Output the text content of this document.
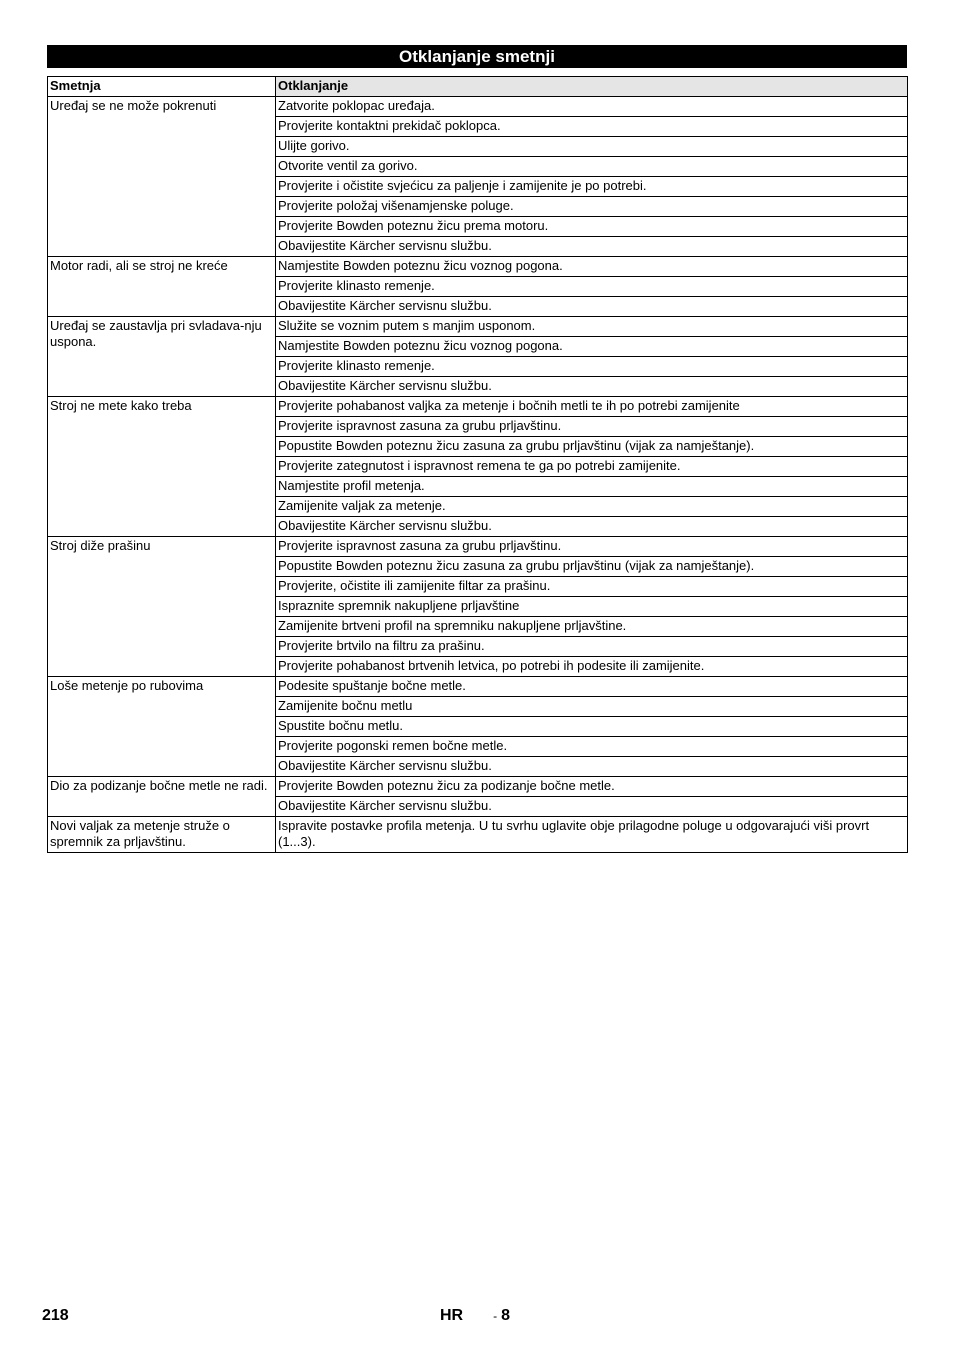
Otklanjanje smetnji
Smetnja	Otklanjanje
Uređaj se ne može pokrenuti	Zatvorite poklopac uređaja.
	Provjerite kontaktni prekidač poklopca.
	Ulijte gorivo.
	Otvorite ventil za gorivo.
	Provjerite i očistite svjećicu za paljenje i zamijenite je po potrebi.
	Provjerite položaj višenamjenske poluge.
	Provjerite Bowden poteznu žicu prema motoru.
	Obavijestite Kärcher servisnu službu.
Motor radi, ali se stroj ne kreće	Namjestite Bowden poteznu žicu voznog pogona.
	Provjerite klinasto remenje.
	Obavijestite Kärcher servisnu službu.
Uređaj se zaustavlja pri svladava-nju uspona.	Služite se voznim putem s manjim usponom.
	Namjestite Bowden poteznu žicu voznog pogona.
	Provjerite klinasto remenje.
	Obavijestite Kärcher servisnu službu.
Stroj ne mete kako treba	Provjerite pohabanost valjka za metenje i bočnih metli te ih po potrebi zamijenite
	Provjerite ispravnost zasuna za grubu prljavštinu.
	Popustite Bowden poteznu žicu zasuna za grubu prljavštinu (vijak za namještanje).
	Provjerite zategnutost i ispravnost remena te ga po potrebi zamijenite.
	Namjestite profil metenja.
	Zamijenite valjak za metenje.
	Obavijestite Kärcher servisnu službu.
Stroj diže prašinu	Provjerite ispravnost zasuna za grubu prljavštinu.
	Popustite Bowden poteznu žicu zasuna za grubu prljavštinu (vijak za namještanje).
	Provjerite, očistite ili zamijenite filtar za prašinu.
	Ispraznite spremnik nakupljene prljavštine
	Zamijenite brtveni profil na spremniku nakupljene prljavštine.
	Provjerite brtvilo na filtru za prašinu.
	Provjerite pohabanost brtvenih letvica, po potrebi ih podesite ili zamijenite.
Loše metenje po rubovima	Podesite spuštanje bočne metle.
	Zamijenite bočnu metlu
	Spustite bočnu metlu.
	Provjerite pogonski remen bočne metle.
	Obavijestite Kärcher servisnu službu.
Dio za podizanje bočne metle ne radi.	Provjerite Bowden poteznu žicu za podizanje bočne metle.
	Obavijestite Kärcher servisnu službu.
Novi valjak za metenje struže o spremnik za prljavštinu.	Ispravite postavke profila metenja. U tu svrhu uglavite obje prilagodne poluge u odgovarajući viši provrt (1...3).
218	HR	- 8
